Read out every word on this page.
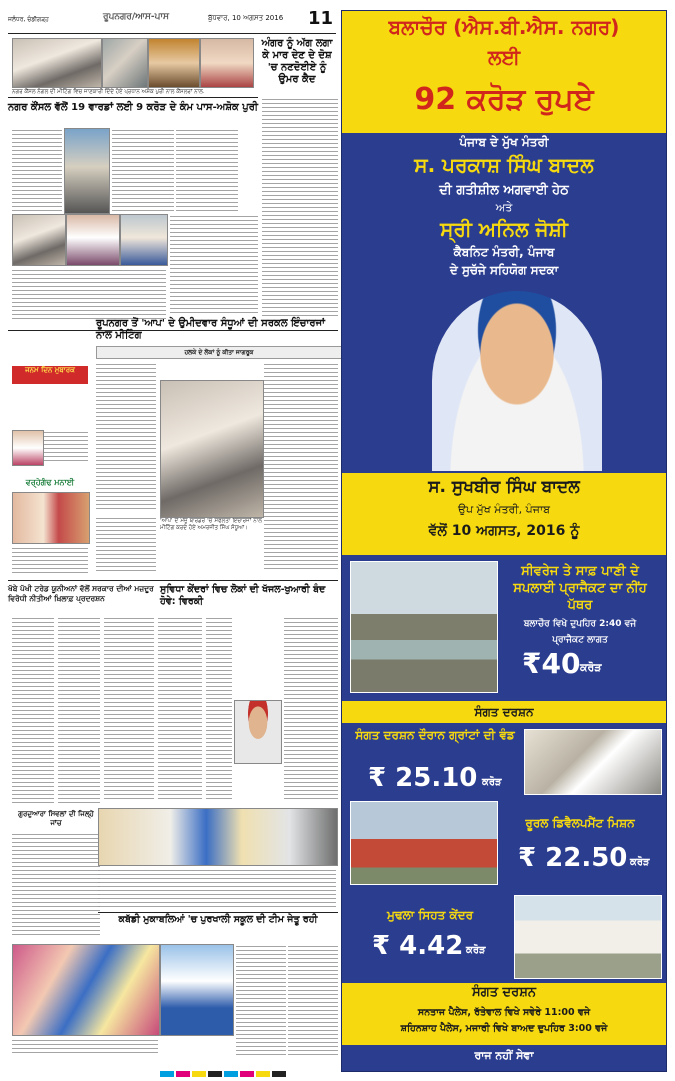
ਜਲੰਧਰ, ਚੰਡੀਗੜ੍ਹ	ਰੂਪਨਗਰ/ਆਸ-ਪਾਸ	ਬੁੱਧਵਾਰ, 10 ਅਗਸਤ 2016 11
ਅੰਗਰ ਨੂੰ ਅੱਗ ਲਗਾ ਕੇ ਮਾਰ ਦੇਣ ਦੇ ਦੋਸ਼ 'ਚ ਨਣਦੋਈਏ ਨੂੰ ਉਮਰ ਕੈਦ
ਨਗਰ ਕੌਂਸਲ ਨੰਗਲ ਦੀ ਮੀਟਿੰਗ ਵਿਚ ਜਾਣਕਾਰੀ ਦਿੰਦੇ ਹੋਏ ਪ੍ਰਧਾਨ ਅਸ਼ੋਕ ਪੁਰੀ ਨਾਲ ਕੌਂਸਲਰਾਂ ਨਾਲ.
ਨਗਰ ਕੌਂਸਲ ਵੱਲੋਂ 19 ਵਾਰਡਾਂ ਲਈ 9 ਕਰੋੜ ਦੇ ਕੰਮ ਪਾਸ-ਅਸ਼ੋਕ ਪੁਰੀ
ਰੂਪਨਗਰ ਤੋਂ 'ਆਪ' ਦੇ ਉਮੀਦਵਾਰ ਸੰਧੂਆਂ ਦੀ ਸਰਕਲ ਇੰਚਾਰਜਾਂ ਨਾਲ ਮੀਟਿੰਗ
ਹਲਕੇ ਦੇ ਲੋਕਾਂ ਨੂੰ ਕੀਤਾ ਜਾਗਰੂਕ
'ਆਪ' ਦੇ ਮੌਜੂ ਬਾਰਡਰ 'ਚ ਸਫਲਤਾ ਇੰਚਾਰਜਾਂ ਨਾਲ ਮੀਟਿੰਗ ਕਰਦੇ ਹੋਏ ਅਮਰਜੀਤ ਸਿੰਘ ਸੰਧੂਆਂ।
ਜਨਮ ਦਿਨ ਮੁਬਾਰਕ
ਵਰ੍ਹੇਗੰਢ ਮਨਾਈ
ਖੱਬੇ ਪੱਖੀ ਟਰੇਡ ਯੂਨੀਅਨਾਂ ਵੱਲੋਂ ਸਰਕਾਰ ਦੀਆਂ ਮਜ਼ਦੂਰ ਵਿਰੋਧੀ ਨੀਤੀਆਂ ਖ਼ਿਲਾਫ਼ ਪ੍ਰਦਰਸ਼ਨ
ਗੁਰਦੁਆਰਾ ਸਿਵਲਾਂ ਦੀ ਜਿਲ੍ਹੇ ਜਾਂਚ
ਸੁਵਿਧਾ ਕੇਂਦਰਾਂ ਵਿਚ ਲੋਕਾਂ ਦੀ ਖੱਜਲ-ਖੁਆਰੀ ਬੰਦ ਹੋਵੇ: ਵਿਰਕੀ
ਕਬੱਡੀ ਮੁਕਾਬਲਿਆਂ 'ਚ ਪੁਰਖਾਲੀ ਸਕੂਲ ਦੀ ਟੀਮ ਜੇਤੂ ਰਹੀ
ਬਲਾਚੌਰ (ਐਸ.ਬੀ.ਐਸ. ਨਗਰ)
ਲਈ
92 ਕਰੋੜ ਰੁਪਏ
ਪੰਜਾਬ ਦੇ ਮੁੱਖ ਮੰਤਰੀ
ਸ. ਪਰਕਾਸ਼ ਸਿੰਘ ਬਾਦਲ
ਦੀ ਗਤੀਸ਼ੀਲ ਅਗਵਾਈ ਹੇਠ
ਅਤੇ
ਸ੍ਰੀ ਅਨਿਲ ਜੋਸ਼ੀ
ਕੈਬਨਿਟ ਮੰਤਰੀ, ਪੰਜਾਬ
ਦੇ ਸੁਚੱਜੇ ਸਹਿਯੋਗ ਸਦਕਾ
ਸ. ਸੁਖਬੀਰ ਸਿੰਘ ਬਾਦਲ
ਉਪ ਮੁੱਖ ਮੰਤਰੀ, ਪੰਜਾਬ
ਵੱਲੋਂ 10 ਅਗਸਤ, 2016 ਨੂੰ
ਸੀਵਰੇਜ ਤੇ ਸਾਫ਼ ਪਾਣੀ ਦੇ ਸਪਲਾਈ ਪ੍ਰਾਜੈਕਟ ਦਾ ਨੀਂਹ ਪੱਥਰ
ਬਲਾਚੌਰ ਵਿਖੇ ਦੁਪਹਿਰ 2:40 ਵਜੇ
ਪ੍ਰਾਜੈਕਟ ਲਾਗਤ
₹40 ਕਰੋੜ
ਸੰਗਤ ਦਰਸ਼ਨ
ਸੰਗਤ ਦਰਸ਼ਨ ਦੌਰਾਨ ਗ੍ਰਾਂਟਾਂ ਦੀ ਵੰਡ
₹ 25.10 ਕਰੋੜ
ਰੂਰਲ ਡਿਵੈਲਪਮੈਂਟ ਮਿਸ਼ਨ
₹ 22.50 ਕਰੋੜ
ਮੁਢਲਾ ਸਿਹਤ ਕੇਂਦਰ
₹ 4.42 ਕਰੋੜ
ਸੰਗਤ ਦਰਸ਼ਨ
ਸਨਤਾਜ ਪੈਲੇਸ, ਰੱਤੇਵਾਲ ਵਿਖੇ ਸਵੇਰੇ 11:00 ਵਜੇ
ਸ਼ਹਿਨਸ਼ਾਹ ਪੈਲੇਸ, ਮਜਾਰੀ ਵਿਖੇ ਬਾਅਦ ਦੁਪਹਿਰ 3:00 ਵਜੇ
ਰਾਜ ਨਹੀਂ ਸੇਵਾ
